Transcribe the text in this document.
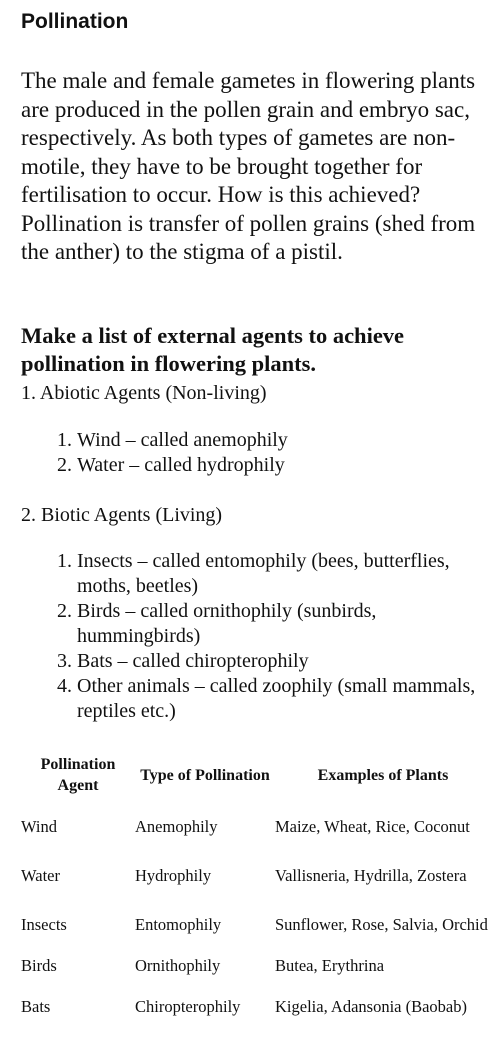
Pollination

The male and female gametes in flowering plants are produced in the pollen grain and embryo sac, respectively. As both types of gametes are non- motile, they have to be brought together for fertilisation to occur. How is this achieved?

Pollination is transfer of pollen grains (shed from the anther) to the stigma of a pistil.

Make a list of external agents to achieve pollination in flowering plants.
1. Abiotic Agents (Non-living)
1. Wind – called anemophily
2. Water – called hydrophily
2. Biotic Agents (Living)
1. Insects – called entomophily (bees, butterflies, moths, beetles)
2. Birds – called ornithophily (sunbirds, hummingbirds)
3. Bats – called chiropterophily
4. Other animals – called zoophily (small mammals, reptiles etc.)
Pollination Agent	Type of Pollination	Examples of Plants
Wind	Anemophily	Maize, Wheat, Rice, Coconut
Water	Hydrophily	Vallisneria, Hydrilla, Zostera
Insects	Entomophily	Sunflower, Rose, Salvia, Orchid
Birds	Ornithophily	Butea, Erythrina
Bats	Chiropterophily	Kigelia, Adansonia (Baobab)
